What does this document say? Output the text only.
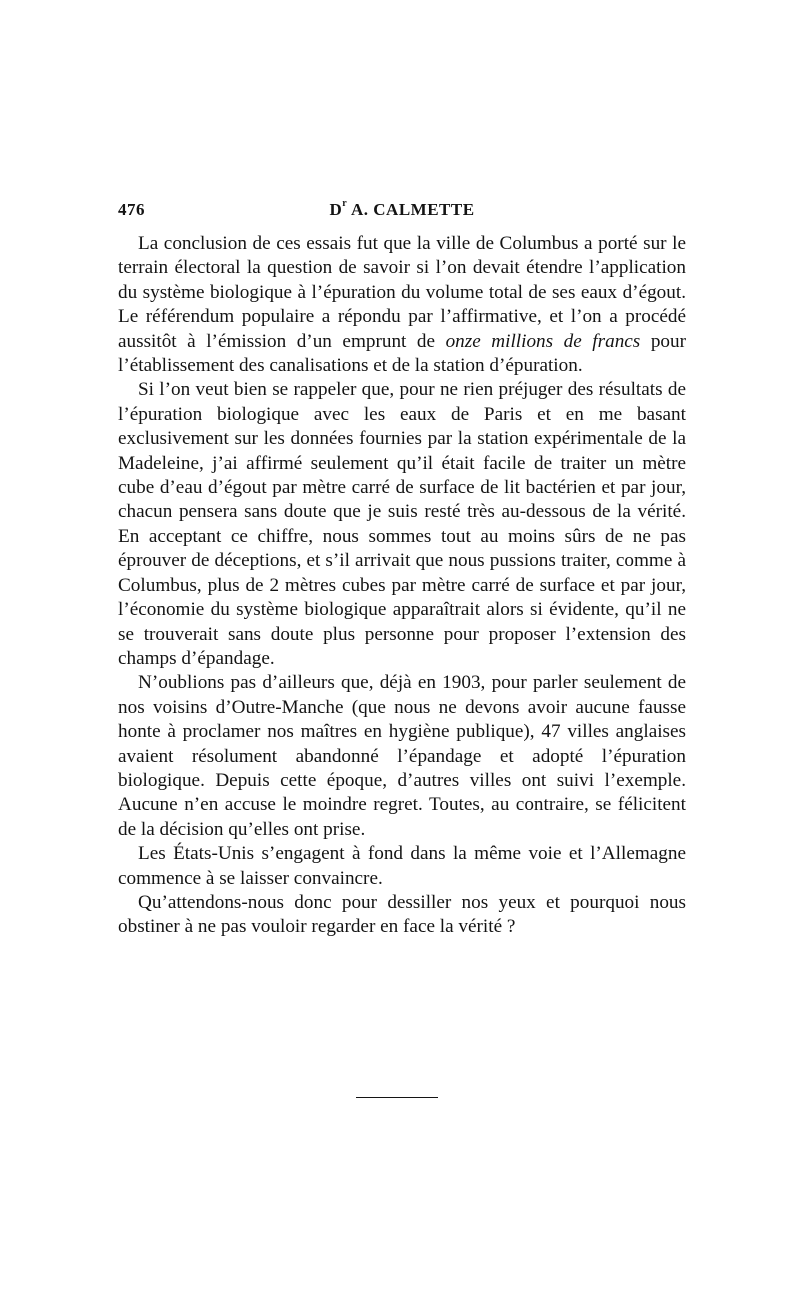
476	$D^r$ A. CALMETTE

La conclusion de ces essais fut que la ville de Columbus a porté sur le terrain électoral la question de savoir si l’on devait étendre l’application du système biologique à l’épuration du volume total de ses eaux d’égout. Le référendum populaire a répondu par l’affirmative, et l’on a procédé aussitôt à l’émission d’un emprunt de onze millions de francs pour l’établissement des canalisations et de la station d’épuration.

Si l’on veut bien se rappeler que, pour ne rien préjuger des résultats de l’épuration biologique avec les eaux de Paris et en me basant exclusivement sur les données fournies par la station expérimentale de la Madeleine, j’ai affirmé seulement qu’il était facile de traiter un mètre cube d’eau d’égout par mètre carré de surface de lit bactérien et par jour, chacun pensera sans doute que je suis resté très au-dessous de la vérité. En acceptant ce chiffre, nous sommes tout au moins sûrs de ne pas éprouver de déceptions, et s’il arrivait que nous pussions traiter, comme à Columbus, plus de 2 mètres cubes par mètre carré de surface et par jour, l’économie du système biologique apparaîtrait alors si évidente, qu’il ne se trouverait sans doute plus personne pour proposer l’extension des champs d’épandage.

N’oublions pas d’ailleurs que, déjà en 1903, pour parler seulement de nos voisins d’Outre-Manche (que nous ne devons avoir aucune fausse honte à proclamer nos maîtres en hygiène publique), 47 villes anglaises avaient résolument abandonné l’épandage et adopté l’épuration biologique. Depuis cette époque, d’autres villes ont suivi l’exemple. Aucune n’en accuse le moindre regret. Toutes, au contraire, se félicitent de la décision qu’elles ont prise.

Les États-Unis s’engagent à fond dans la même voie et l’Allemagne commence à se laisser convaincre.

Qu’attendons-nous donc pour dessiller nos yeux et pourquoi nous obstiner à ne pas vouloir regarder en face la vérité ?
